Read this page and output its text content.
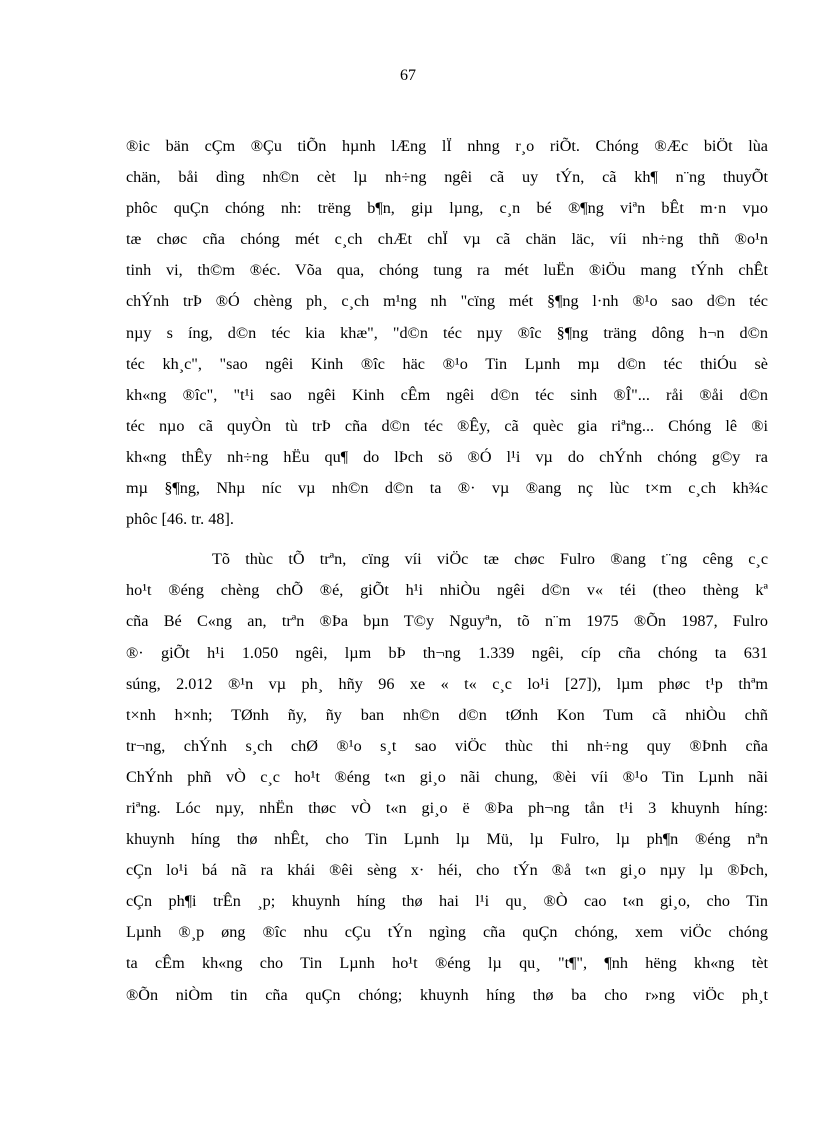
67
®ic bän cÇm ®Çu tiÕn hµnh lÆng lÏ nhng r¸o riÕt. Chóng ®Æc biÖt lùa
chän, båi dìng nh©n cèt lµ nh÷ng ngêi cã uy tÝn, cã kh¶ n¨ng thuyÕt
phôc quÇn chóng nh: trëng b¶n, giµ lµng, c¸n bé ®¶ng viªn bÊt m·n vµo
tæ chøc cña chóng mét c¸ch chÆt chÏ vµ cã chän läc, víi nh÷ng thñ ®o¹n
tinh vi, th©m ®éc. Võa qua, chóng tung ra mét luËn ®iÖu mang tÝnh chÊt
chÝnh trÞ ®Ó chèng ph¸ c¸ch m¹ng nh "cïng mét §¶ng l·nh ®¹o sao d©n téc
nµy s íng, d©n téc kia khæ", "d©n téc nµy ®îc §¶ng träng dông h¬n d©n
téc kh¸c", "sao ngêi Kinh ®îc häc ®¹o Tin Lµnh mµ d©n téc thiÓu sè
kh«ng ®îc", "t¹i sao ngêi Kinh cÊm ngêi d©n téc sinh ®Î"... råi ®åi d©n
téc nµo cã quyÒn tù trÞ cña d©n téc ®Êy, cã quèc gia riªng... Chóng lê ®i
kh«ng thÊy nh÷ng hËu qu¶ do lÞch sö ®Ó l¹i vµ do chÝnh chóng g©y ra
mµ §¶ng, Nhµ níc vµ nh©n d©n ta ®· vµ ®ang nç lùc t×m c¸ch kh¾c
phôc [46. tr. 48].
Tõ thùc tÕ trªn, cïng víi viÖc tæ chøc Fulro ®ang t¨ng cêng c¸c
ho¹t ®éng chèng chÕ ®é, giÕt h¹i nhiÒu ngêi d©n v« téi (theo thèng kª
cña Bé C«ng an, trªn ®Þa bµn T©y Nguyªn, tõ n¨m 1975 ®Õn 1987, Fulro
®· giÕt h¹i 1.050 ngêi, lµm bÞ th¬ng 1.339 ngêi, cíp cña chóng ta 631
súng, 2.012 ®¹n vµ ph¸ hñy 96 xe « t« c¸c lo¹i [27]), lµm phøc t¹p thªm
t×nh h×nh; TØnh ñy, ñy ban nh©n d©n tØnh Kon Tum cã nhiÒu chñ
tr¬ng, chÝnh s¸ch chØ ®¹o s¸t sao viÖc thùc thi nh÷ng quy ®Þnh cña
ChÝnh phñ vÒ c¸c ho¹t ®éng t«n gi¸o nãi chung, ®èi víi ®¹o Tin Lµnh nãi
riªng. Lóc nµy, nhËn thøc vÒ t«n gi¸o ë ®Þa ph¬ng tån t¹i 3 khuynh híng:
khuynh híng thø nhÊt, cho Tin Lµnh lµ Mü, lµ Fulro, lµ ph¶n ®éng nªn
cÇn lo¹i bá nã ra khái ®êi sèng x· héi, cho tÝn ®å t«n gi¸o nµy lµ ®Þch,
cÇn ph¶i trÊn ¸p; khuynh híng thø hai l¹i qu¸ ®Ò cao t«n gi¸o, cho Tin
Lµnh ®¸p øng ®îc nhu cÇu tÝn ngìng cña quÇn chóng, xem viÖc chóng
ta cÊm kh«ng cho Tin Lµnh ho¹t ®éng lµ qu¸ "t¶", ¶nh hëng kh«ng tèt
®Õn niÒm tin cña quÇn chóng; khuynh híng thø ba cho r»ng viÖc ph¸t
